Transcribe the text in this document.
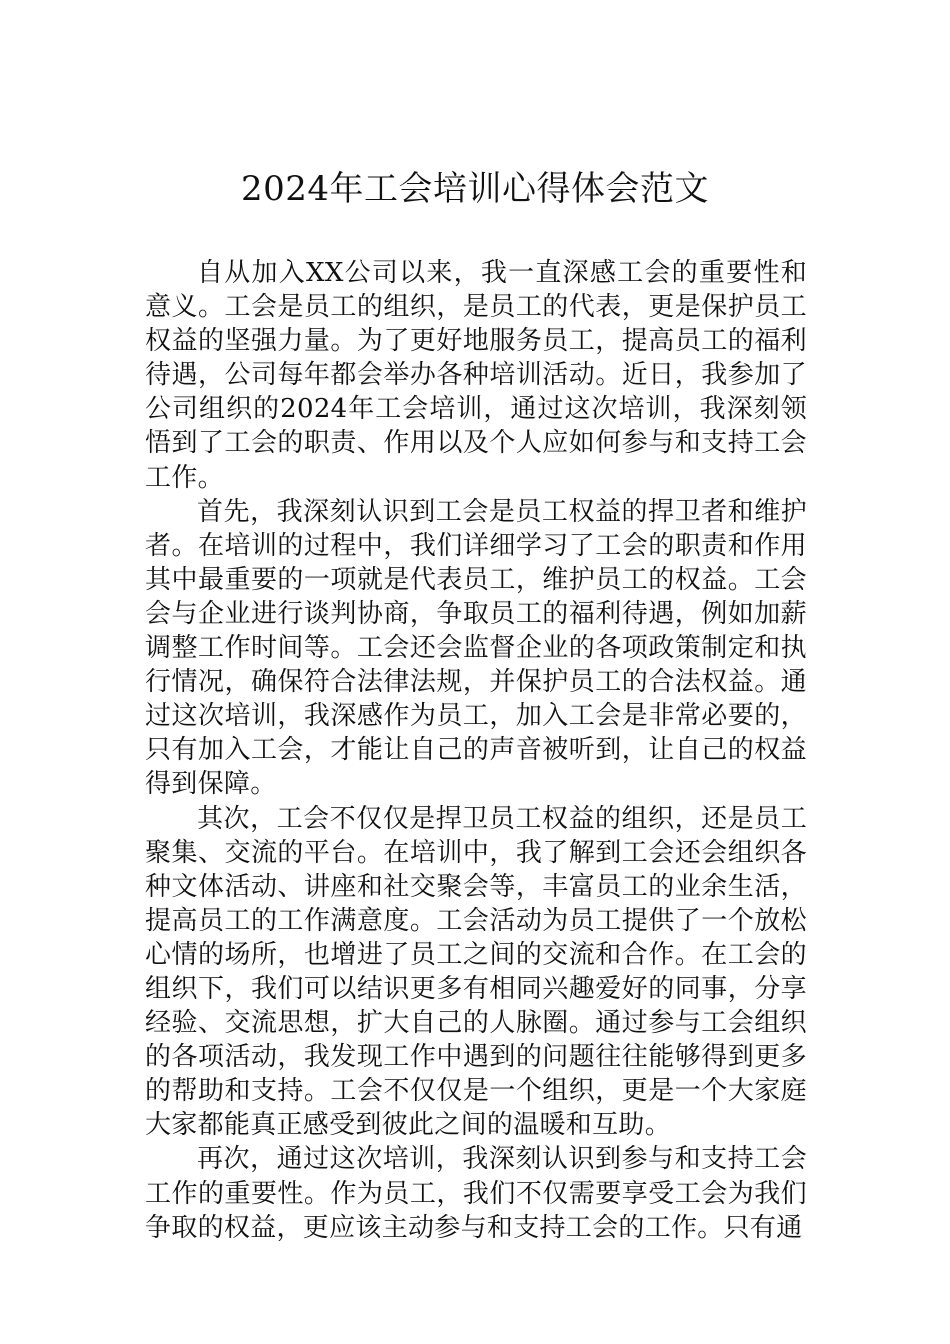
2024年工会培训心得体会范文

自从加入XX公司以来，我一直深感工会的重要性和意义。工会是员工的组织，是员工的代表，更是保护员工权益的坚强力量。为了更好地服务员工，提高员工的福利待遇，公司每年都会举办各种培训活动。近日，我参加了公司组织的2024年工会培训，通过这次培训，我深刻领悟到了工会的职责、作用以及个人应如何参与和支持工会工作。

首先，我深刻认识到工会是员工权益的捍卫者和维护者。在培训的过程中，我们详细学习了工会的职责和作用其中最重要的一项就是代表员工，维护员工的权益。工会会与企业进行谈判协商，争取员工的福利待遇，例如加薪调整工作时间等。工会还会监督企业的各项政策制定和执行情况，确保符合法律法规，并保护员工的合法权益。通过这次培训，我深感作为员工，加入工会是非常必要的，只有加入工会，才能让自己的声音被听到，让自己的权益得到保障。

其次，工会不仅仅是捍卫员工权益的组织，还是员工聚集、交流的平台。在培训中，我了解到工会还会组织各种文体活动、讲座和社交聚会等，丰富员工的业余生活，提高员工的工作满意度。工会活动为员工提供了一个放松心情的场所，也增进了员工之间的交流和合作。在工会的组织下，我们可以结识更多有相同兴趣爱好的同事，分享经验、交流思想，扩大自己的人脉圈。通过参与工会组织的各项活动，我发现工作中遇到的问题往往能够得到更多的帮助和支持。工会不仅仅是一个组织，更是一个大家庭大家都能真正感受到彼此之间的温暖和互助。

再次，通过这次培训，我深刻认识到参与和支持工会工作的重要性。作为员工，我们不仅需要享受工会为我们争取的权益，更应该主动参与和支持工会的工作。只有通
